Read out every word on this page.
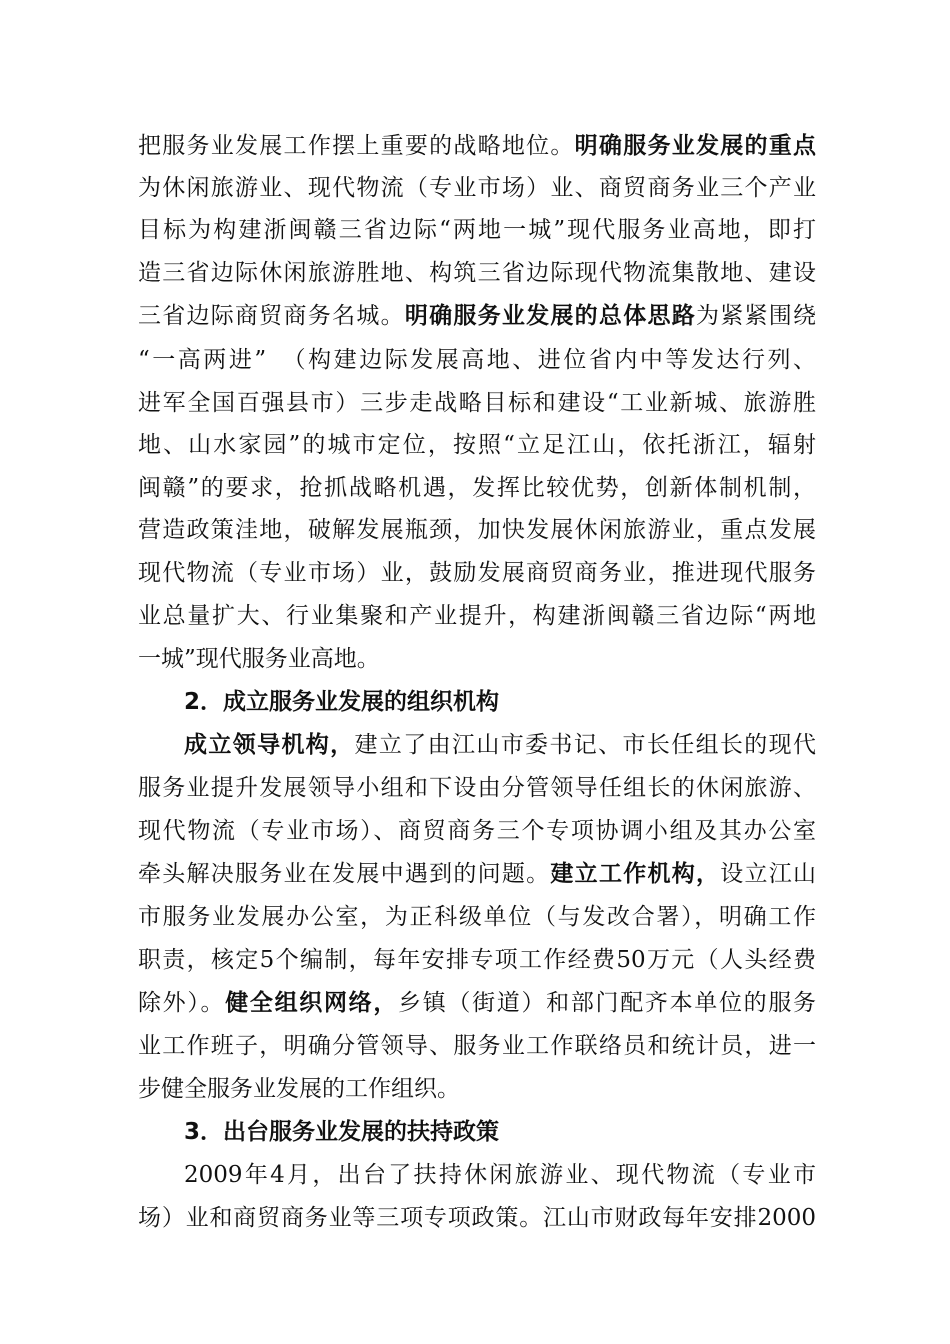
把服务业发展工作摆上重要的战略地位。明确服务业发展的重点
为休闲旅游业、现代物流（专业市场）业、商贸商务业三个产业
目标为构建浙闽赣三省边际“两地一城”现代服务业高地，即打
造三省边际休闲旅游胜地、构筑三省边际现代物流集散地、建设
三省边际商贸商务名城。明确服务业发展的总体思路为紧紧围绕
“一高两进”　（构建边际发展高地、进位省内中等发达行列、
进军全国百强县市）三步走战略目标和建设“工业新城、旅游胜
地、山水家园”的城市定位，按照“立足江山，依托浙江，辐射
闽赣”的要求，抢抓战略机遇，发挥比较优势，创新体制机制，
营造政策洼地，破解发展瓶颈，加快发展休闲旅游业，重点发展
现代物流（专业市场）业，鼓励发展商贸商务业，推进现代服务
业总量扩大、行业集聚和产业提升，构建浙闽赣三省边际“两地
一城”现代服务业高地。
2．成立服务业发展的组织机构
成立领导机构，建立了由江山市委书记、市长任组长的现代
服务业提升发展领导小组和下设由分管领导任组长的休闲旅游、
现代物流（专业市场）、商贸商务三个专项协调小组及其办公室
牵头解决服务业在发展中遇到的问题。建立工作机构，设立江山
市服务业发展办公室，为正科级单位（与发改合署），明确工作
职责，核定5个编制，每年安排专项工作经费50万元（人头经费
除外）。健全组织网络，乡镇（街道）和部门配齐本单位的服务
业工作班子，明确分管领导、服务业工作联络员和统计员，进一
步健全服务业发展的工作组织。
3．出台服务业发展的扶持政策
2009年4月，出台了扶持休闲旅游业、现代物流（专业市
场）业和商贸商务业等三项专项政策。江山市财政每年安排2000
